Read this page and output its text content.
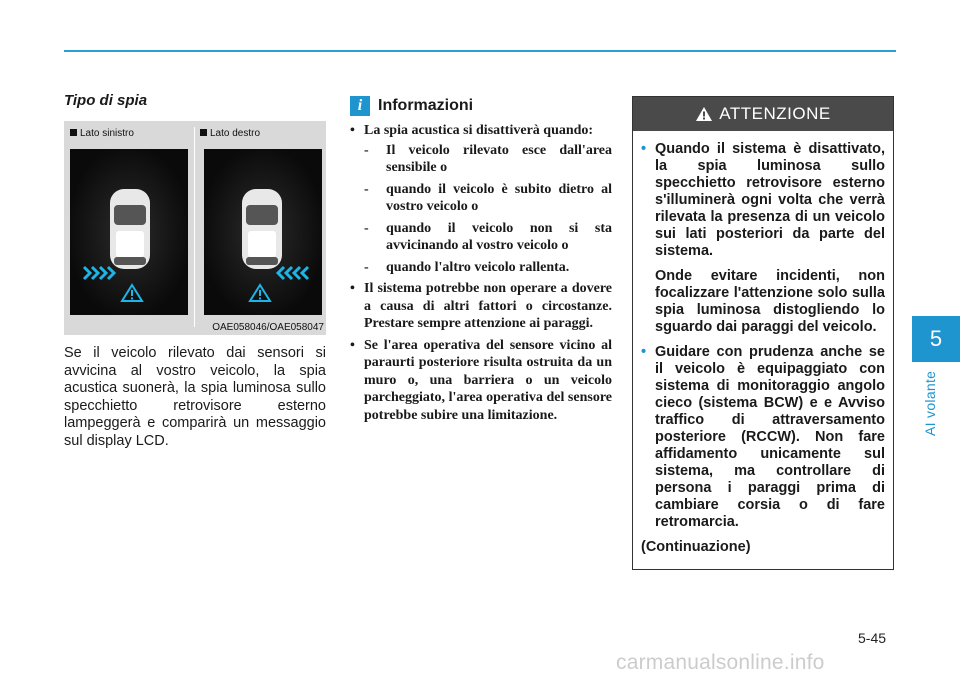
Tipo di spia
Lato sinistro	Lato destro
OAE058046/OAE058047
Se il veicolo rilevato dai sensori si avvicina al vostro veicolo, la spia acustica suonerà, la spia luminosa sullo specchietto retrovisore esterno lampeggerà e comparirà un messaggio sul display LCD.
i Informazioni
• La spia acustica si disattiverà quando:
- Il veicolo rilevato esce dall'area sensibile o
- quando il veicolo è subito dietro al vostro veicolo o
- quando il veicolo non si sta avvicinando al vostro veicolo o
- quando l'altro veicolo rallenta.
• Il sistema potrebbe non operare a dovere a causa di altri fattori o circostanze. Prestare sempre attenzione ai paraggi.
• Se l'area operativa del sensore vicino al paraurti posteriore risulta ostruita da un muro o, una barriera o un veicolo parcheggiato, l'area operativa del sensore potrebbe subire una limitazione.
ATTENZIONE

• Quando il sistema è disattivato, la spia luminosa sullo specchietto retrovisore esterno s'illuminerà ogni volta che verrà rilevata la presenza di un veicolo sui lati posteriori da parte del sistema.

Onde evitare incidenti, non focalizzare l'attenzione solo sulla spia luminosa distogliendo lo sguardo dai paraggi del veicolo.

• Guidare con prudenza anche se il veicolo è equipaggiato con sistema di monitoraggio angolo cieco (sistema BCW) e e Avviso traffico di attraversamento posteriore (RCCW). Non fare affidamento unicamente sul sistema, ma controllare di persona i paraggi prima di cambiare corsia o di fare retromarcia.

(Continuazione)

5
AI volante
5-45
carmanualsonline.info
